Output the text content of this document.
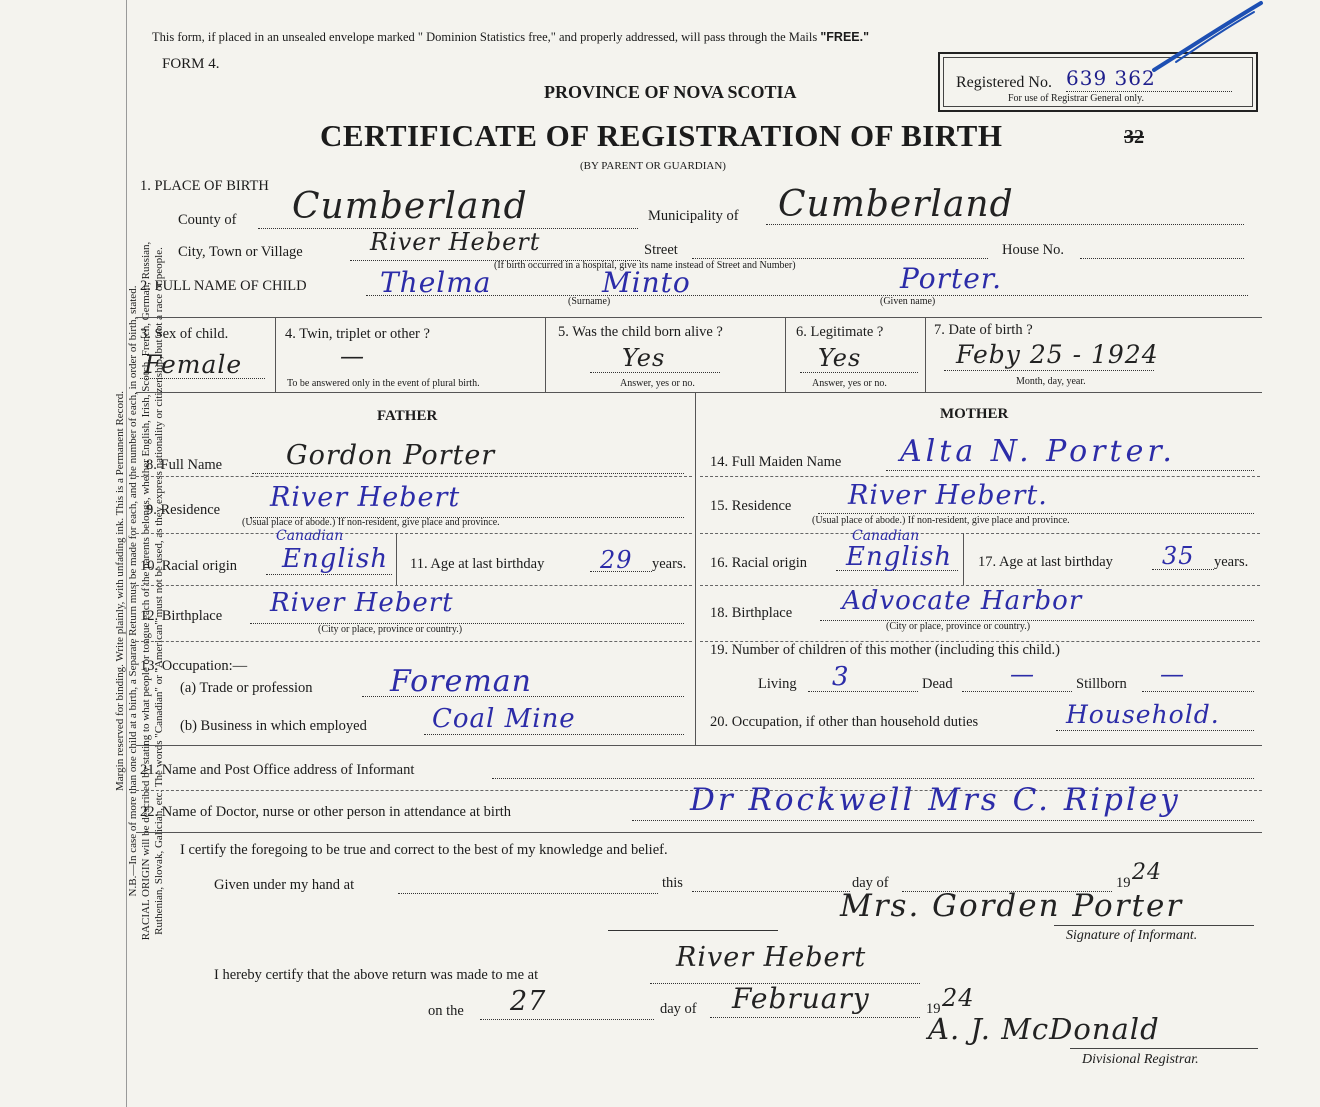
Margin reserved for binding. Write plainly, with unfading ink. This is a Permanent Record. N.B.—In case of more than one child at a birth, a Separate Return must be made for each, and the number of each, in order of birth, stated. RACIAL ORIGIN will be described by stating to what people or tongue each of the parents belongs, whether English, Irish, Scotch, French, German, Russian, Ruthenian, Slovak, Galician, etc. The words "Canadian" or "American" must not be used, as they express nationality or citizenship, but not a race or people.
This form, if placed in an unsealed envelope marked " Dominion Statistics free," and properly addressed, will pass through the Mails "FREE."
FORM 4.
PROVINCE OF NOVA SCOTIA
CERTIFICATE OF REGISTRATION OF BIRTH
(BY PARENT OR GUARDIAN)
32
Registered No. 639 362
For use of Registrar General only.
1. PLACE OF BIRTH
County of Cumberland	Municipality of Cumberland
City, Town or Village	River Hebert	Street	House No.
(If birth occurred in a hospital, give its name instead of Street and Number)
2. FULL NAME OF CHILD	Thelma	Minto	Porter.
(Surname)	(Given name)
3. Sex of child.
Female
4. Twin, triplet or other ?
—
To be answered only in the event of plural birth.
5. Was the child born alive ?
Yes
Answer, yes or no.
6. Legitimate ?
Yes
Answer, yes or no.
7. Date of birth ?
Feby 25 - 1924
Month, day, year.
FATHER
8. Full Name Gordon Porter
9. Residence River Hebert
(Usual place of abode.) If non-resident, give place and province.
10. Racial origin
Canadian
English 11. Age at last birthday 29 years.
12. Birthplace River Hebert
(City or place, province or country.)
13. Occupation:—
(a) Trade or profession	Foreman
(b) Business in which employed	Coal Mine
MOTHER
14. Full Maiden Name Alta N. Porter.
15. Residence River Hebert.
(Usual place of abode.) If non-resident, give place and province.
16. Racial origin
Canadian
English 17. Age at last birthday 35 years.
18. Birthplace Advocate Harbor
(City or place, province or country.)
19. Number of children of this mother (including this child.)
Living 3	Dead —	Stillborn —
20. Occupation, if other than household duties	Household.
21. Name and Post Office address of Informant
22. Name of Doctor, nurse or other person in attendance at birth	Dr Rockwell Mrs C. Ripley
I certify the foregoing to be true and correct to the best of my knowledge and belief.
Given under my hand at	this	day of	19 24
Mrs. Gorden Porter
Signature of Informant.
I hereby certify that the above return was made to me at
River Hebert
on the 27	day of February	19 24
A. J. McDonald
Divisional Registrar.
